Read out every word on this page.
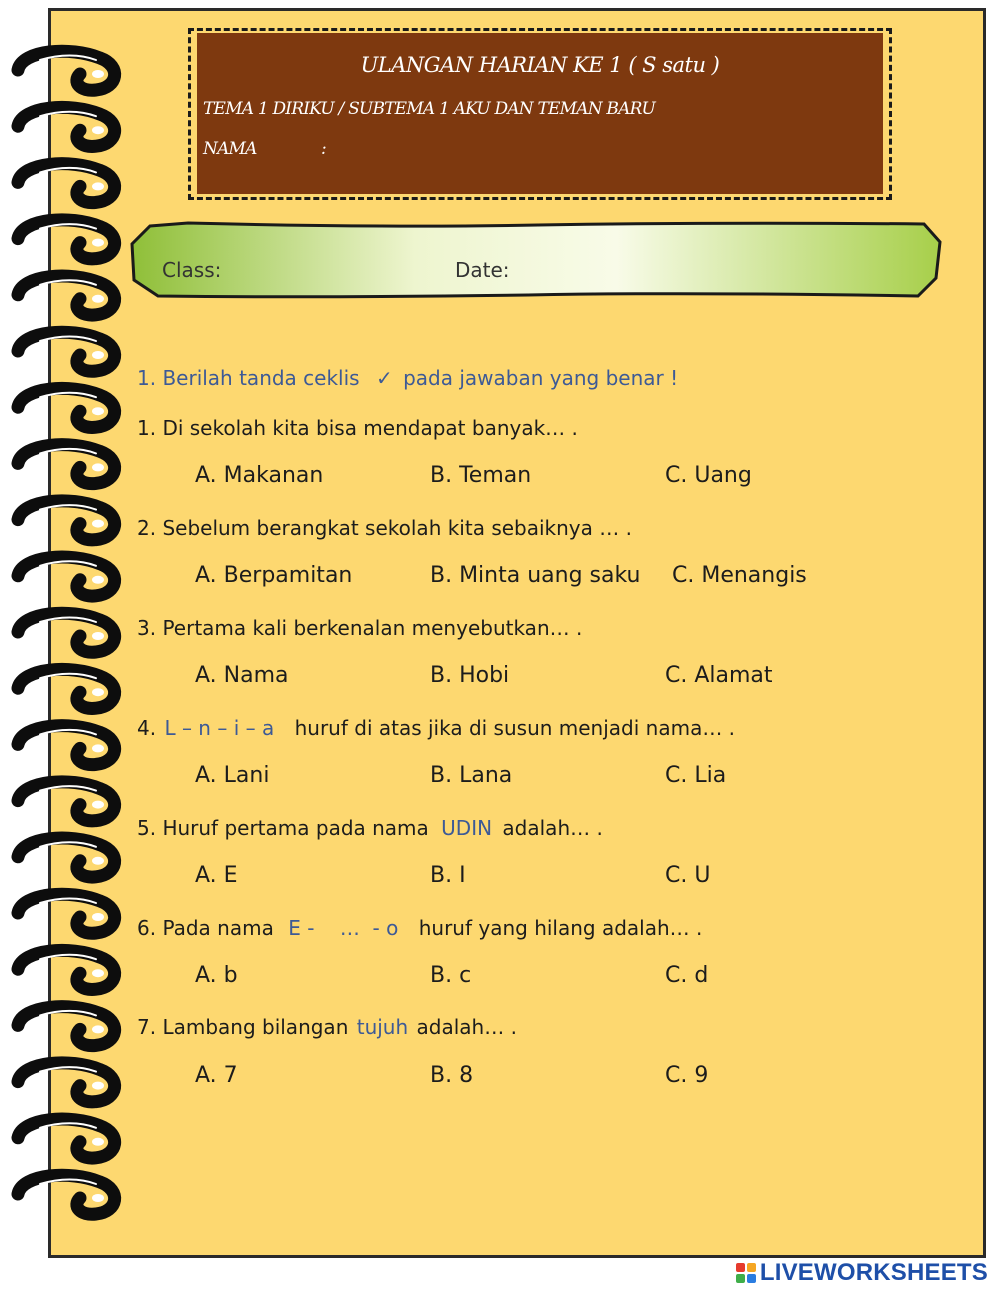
ULANGAN HARIAN KE 1 ( S satu )
TEMA 1 DIRIKU / SUBTEMA 1 AKU DAN TEMAN BARU
NAMA	:
Class:	Date:
1. Berilah tanda ceklis ✓ pada jawaban yang benar !
1. Di sekolah kita bisa mendapat banyak… .
A. Makanan	B. Teman	C. Uang
2. Sebelum berangkat sekolah kita sebaiknya … .
A. Berpamitan	B. Minta uang saku C. Menangis
3. Pertama kali berkenalan menyebutkan… .
A. Nama	B. Hobi	C. Alamat
4. L – n – i – a huruf di atas jika di susun menjadi nama… .
A. Lani	B. Lana	C. Lia
5. Huruf pertama pada nama UDIN adalah… .
A. E	B. I	C. U
6. Pada nama E -    …  - o huruf yang hilang adalah… .
A. b	B. c	C. d
7. Lambang bilangan tujuh adalah… .
A. 7	B. 8	C. 9
LIVEWORKSHEETS
